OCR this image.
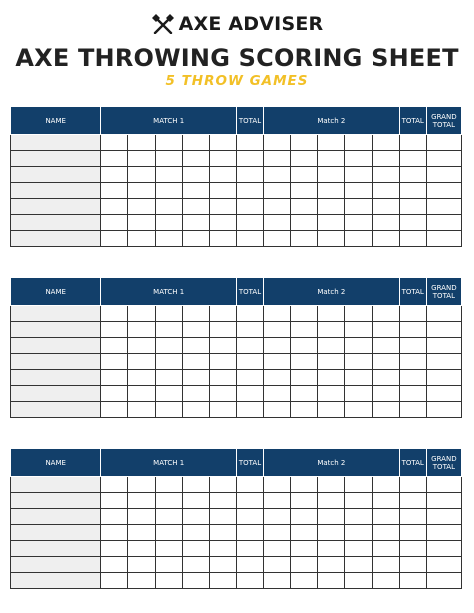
AXE ADVISER
AXE THROWING SCORING SHEET
5 THROW GAMES
NAME	MATCH 1					TOTAL	Match 2					TOTAL	GRAND
TOTAL

NAME	MATCH 1					TOTAL	Match 2					TOTAL	GRAND
TOTAL

NAME	MATCH 1					TOTAL	Match 2					TOTAL	GRAND
TOTAL
